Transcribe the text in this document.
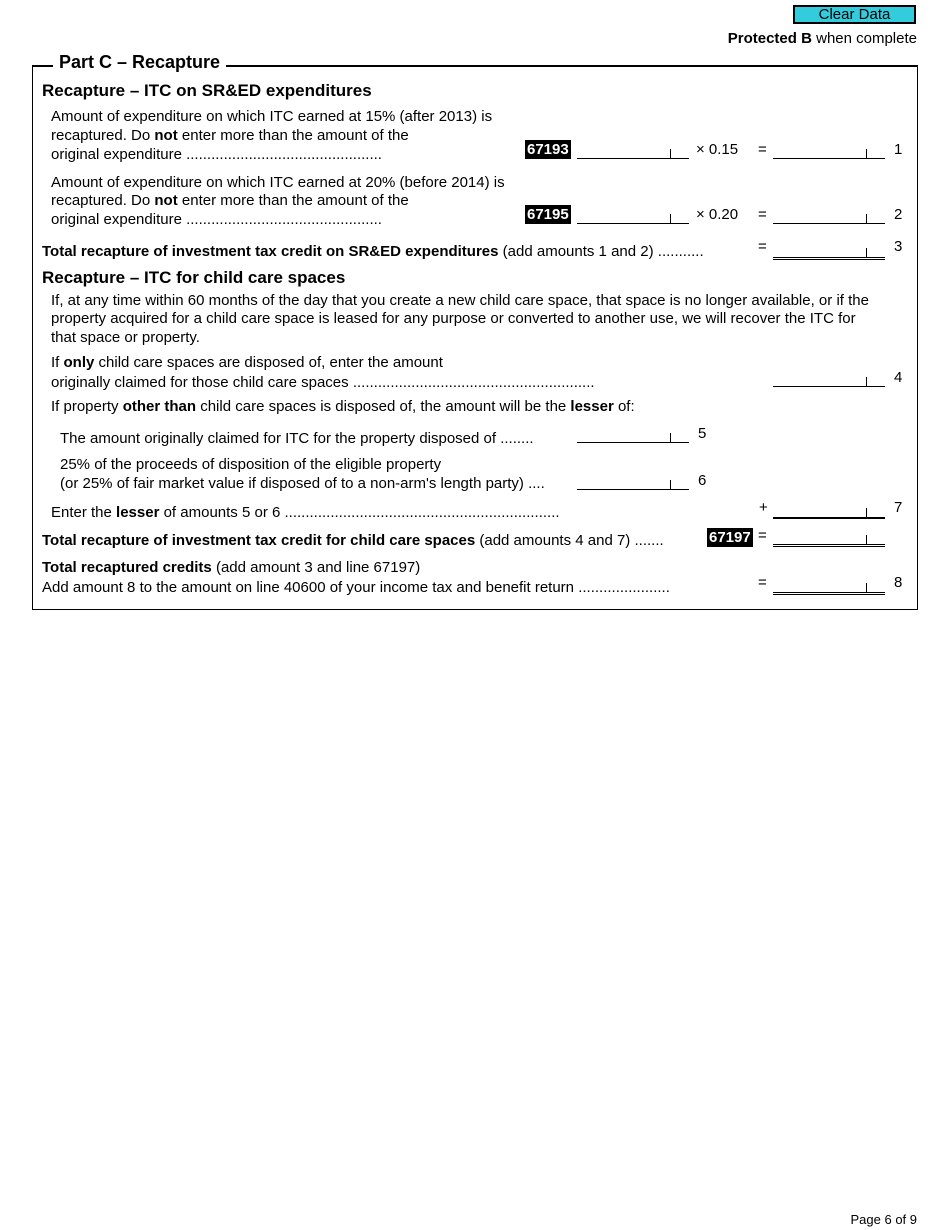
Clear Data
Protected B when complete
Part C – Recapture
Recapture – ITC on SR&ED expenditures
Amount of expenditure on which ITC earned at 15% (after 2013) is
recaptured. Do not enter more than the amount of the
original expenditure ...............................................	67193	× 0.15 =	1
Amount of expenditure on which ITC earned at 20% (before 2014) is
recaptured. Do not enter more than the amount of the
original expenditure ...............................................	67195	× 0.20 =	2
Total recapture of investment tax credit on SR&ED expenditures (add amounts 1 and 2) ...........	=	3
Recapture – ITC for child care spaces
If, at any time within 60 months of the day that you create a new child care space, that space is no longer available, or if the
property acquired for a child care space is leased for any purpose or converted to another use, we will recover the ITC for
that space or property.
If only child care spaces are disposed of, enter the amount
originally claimed for those child care spaces ..........................................................	4
If property other than child care spaces is disposed of, the amount will be the lesser of:
The amount originally claimed for ITC for the property disposed of ........	5
25% of the proceeds of disposition of the eligible property
(or 25% of fair market value if disposed of to a non-arm's length party) ....	6
Enter the lesser of amounts 5 or 6 ..................................................................	+	7
Total recapture of investment tax credit for child care spaces (add amounts 4 and 7) .......	67197 =
Total recaptured credits (add amount 3 and line 67197)
Add amount 8 to the amount on line 40600 of your income tax and benefit return ......................	=	8
Page 6 of 9
